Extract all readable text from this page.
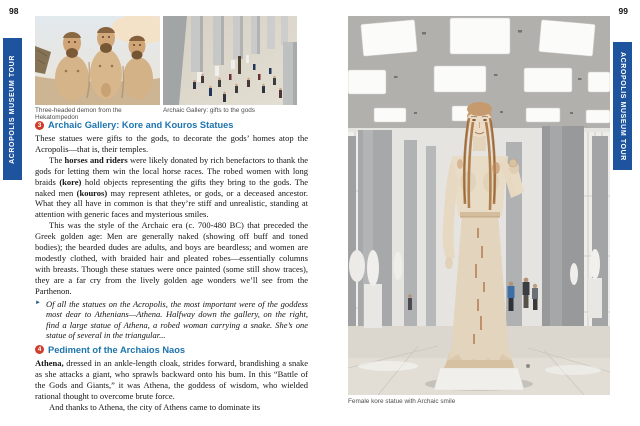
98
ACROPOLIS MUSEUM TOUR	Three-headed demon from the Hekatompedon
Archaic Gallery: gifts to the gods
3 Archaic Gallery: Kore and Kouros Statues
These statues were gifts to the gods, to decorate the gods’ homes atop the Acropolis—that is, their temples.
The horses and riders were likely donated by rich benefactors to thank the gods for letting them win the local horse races. The robed women with long braids (kore) hold objects representing the gifts they bring to the gods. The naked men (kouros) may represent athletes, or gods, or a deceased ancestor. What they all have in common is that they’re stiff and unrealistic, standing at attention with generic faces and mysterious smiles.
This was the style of the Archaic era (c. 700-480 BC) that preceded the Greek golden age: Men are generally naked (showing off buff and toned bodies); the bearded dudes are adults, and boys are beardless; and women are modestly clothed, with braided hair and pleated robes—essentially columns with breasts. Though these statues were once painted (some still show traces), they are a far cry from the lively golden age wonders we’ll see from the Parthenon.
► Of all the statues on the Acropolis, the most important were of the goddess most dear to Athenians—Athena. Halfway down the gallery, on the right, find a large statue of Athena, a robed woman carrying a snake. She’s one statue of several in the triangular...
4 Pediment of the Archaios Naos
Athena, dressed in an ankle-length cloak, strides forward, brandishing a snake as she attacks a giant, who sprawls backward onto his bum. In this “Battle of the Gods and Giants,” it was Athena, the goddess of wisdom, who wielded rational thought to overcome brute force.
And thanks to Athena, the city of Athens came to dominate its
99
ACROPOLIS MUSEUM TOUR
Female kore statue with Archaic smile
